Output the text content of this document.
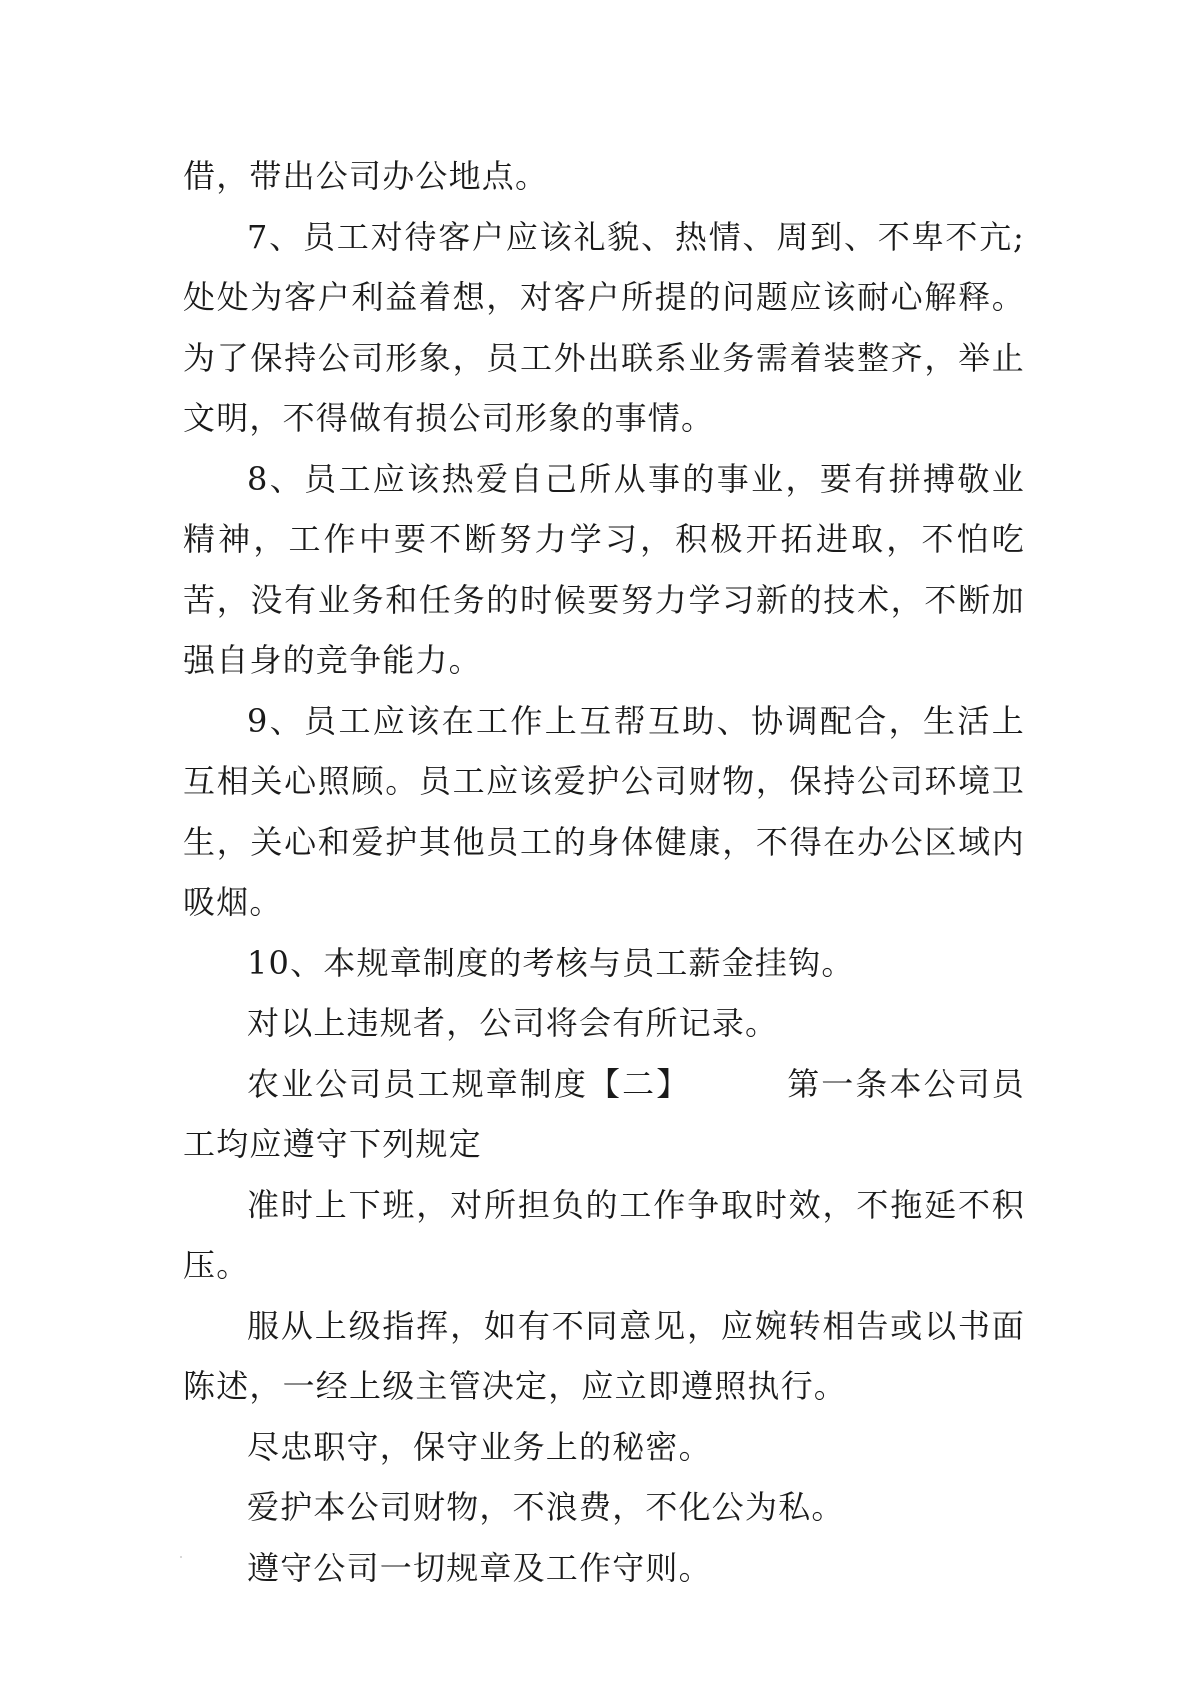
借，带出公司办公地点。

7、员工对待客户应该礼貌、热情、周到、不卑不亢;处处为客户利益着想，对客户所提的问题应该耐心解释。为了保持公司形象，员工外出联系业务需着装整齐，举止文明，不得做有损公司形象的事情。

8、员工应该热爱自己所从事的事业，要有拼搏敬业精神，工作中要不断努力学习，积极开拓进取，不怕吃苦，没有业务和任务的时候要努力学习新的技术，不断加强自身的竞争能力。

9、员工应该在工作上互帮互助、协调配合，生活上互相关心照顾。员工应该爱护公司财物，保持公司环境卫生，关心和爱护其他员工的身体健康，不得在办公区域内吸烟。

10、本规章制度的考核与员工薪金挂钩。

对以上违规者，公司将会有所记录。

农业公司员工规章制度【二】	第一条本公司员工均应遵守下列规定

准时上下班，对所担负的工作争取时效，不拖延不积压。

服从上级指挥，如有不同意见，应婉转相告或以书面陈述，一经上级主管决定，应立即遵照执行。

尽忠职守，保守业务上的秘密。

爱护本公司财物，不浪费，不化公为私。

遵守公司一切规章及工作守则。
